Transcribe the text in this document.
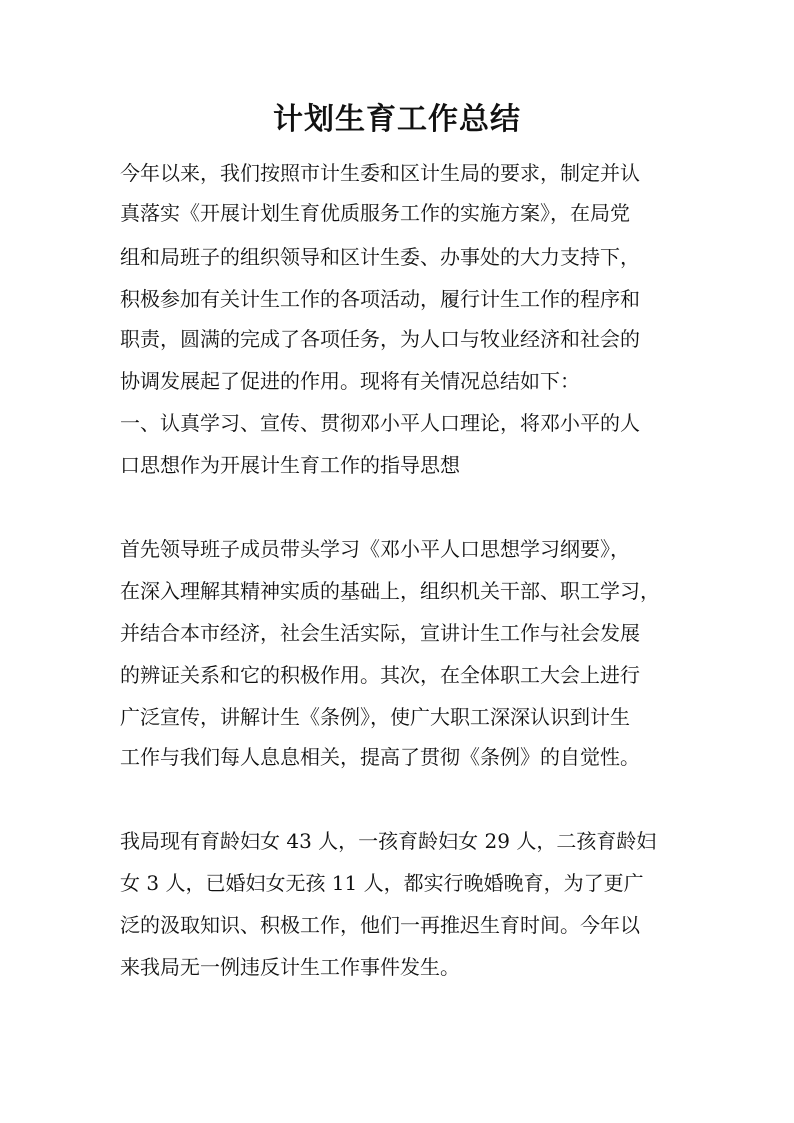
计划生育工作总结
今年以来，我们按照市计生委和区计生局的要求，制定并认
真落实《开展计划生育优质服务工作的实施方案》，在局党
组和局班子的组织领导和区计生委、办事处的大力支持下，
积极参加有关计生工作的各项活动，履行计生工作的程序和
职责，圆满的完成了各项任务，为人口与牧业经济和社会的
协调发展起了促进的作用。现将有关情况总结如下：
一、认真学习、宣传、贯彻邓小平人口理论，将邓小平的人
口思想作为开展计生育工作的指导思想
首先领导班子成员带头学习《邓小平人口思想学习纲要》，
在深入理解其精神实质的基础上，组织机关干部、职工学习，
并结合本市经济，社会生活实际，宣讲计生工作与社会发展
的辨证关系和它的积极作用。其次，在全体职工大会上进行
广泛宣传，讲解计生《条例》，使广大职工深深认识到计生
工作与我们每人息息相关，提高了贯彻《条例》的自觉性。
我局现有育龄妇女 43 人，一孩育龄妇女 29 人，二孩育龄妇
女 3 人，已婚妇女无孩 11 人，都实行晚婚晚育，为了更广
泛的汲取知识、积极工作，他们一再推迟生育时间。今年以
来我局无一例违反计生工作事件发生。
